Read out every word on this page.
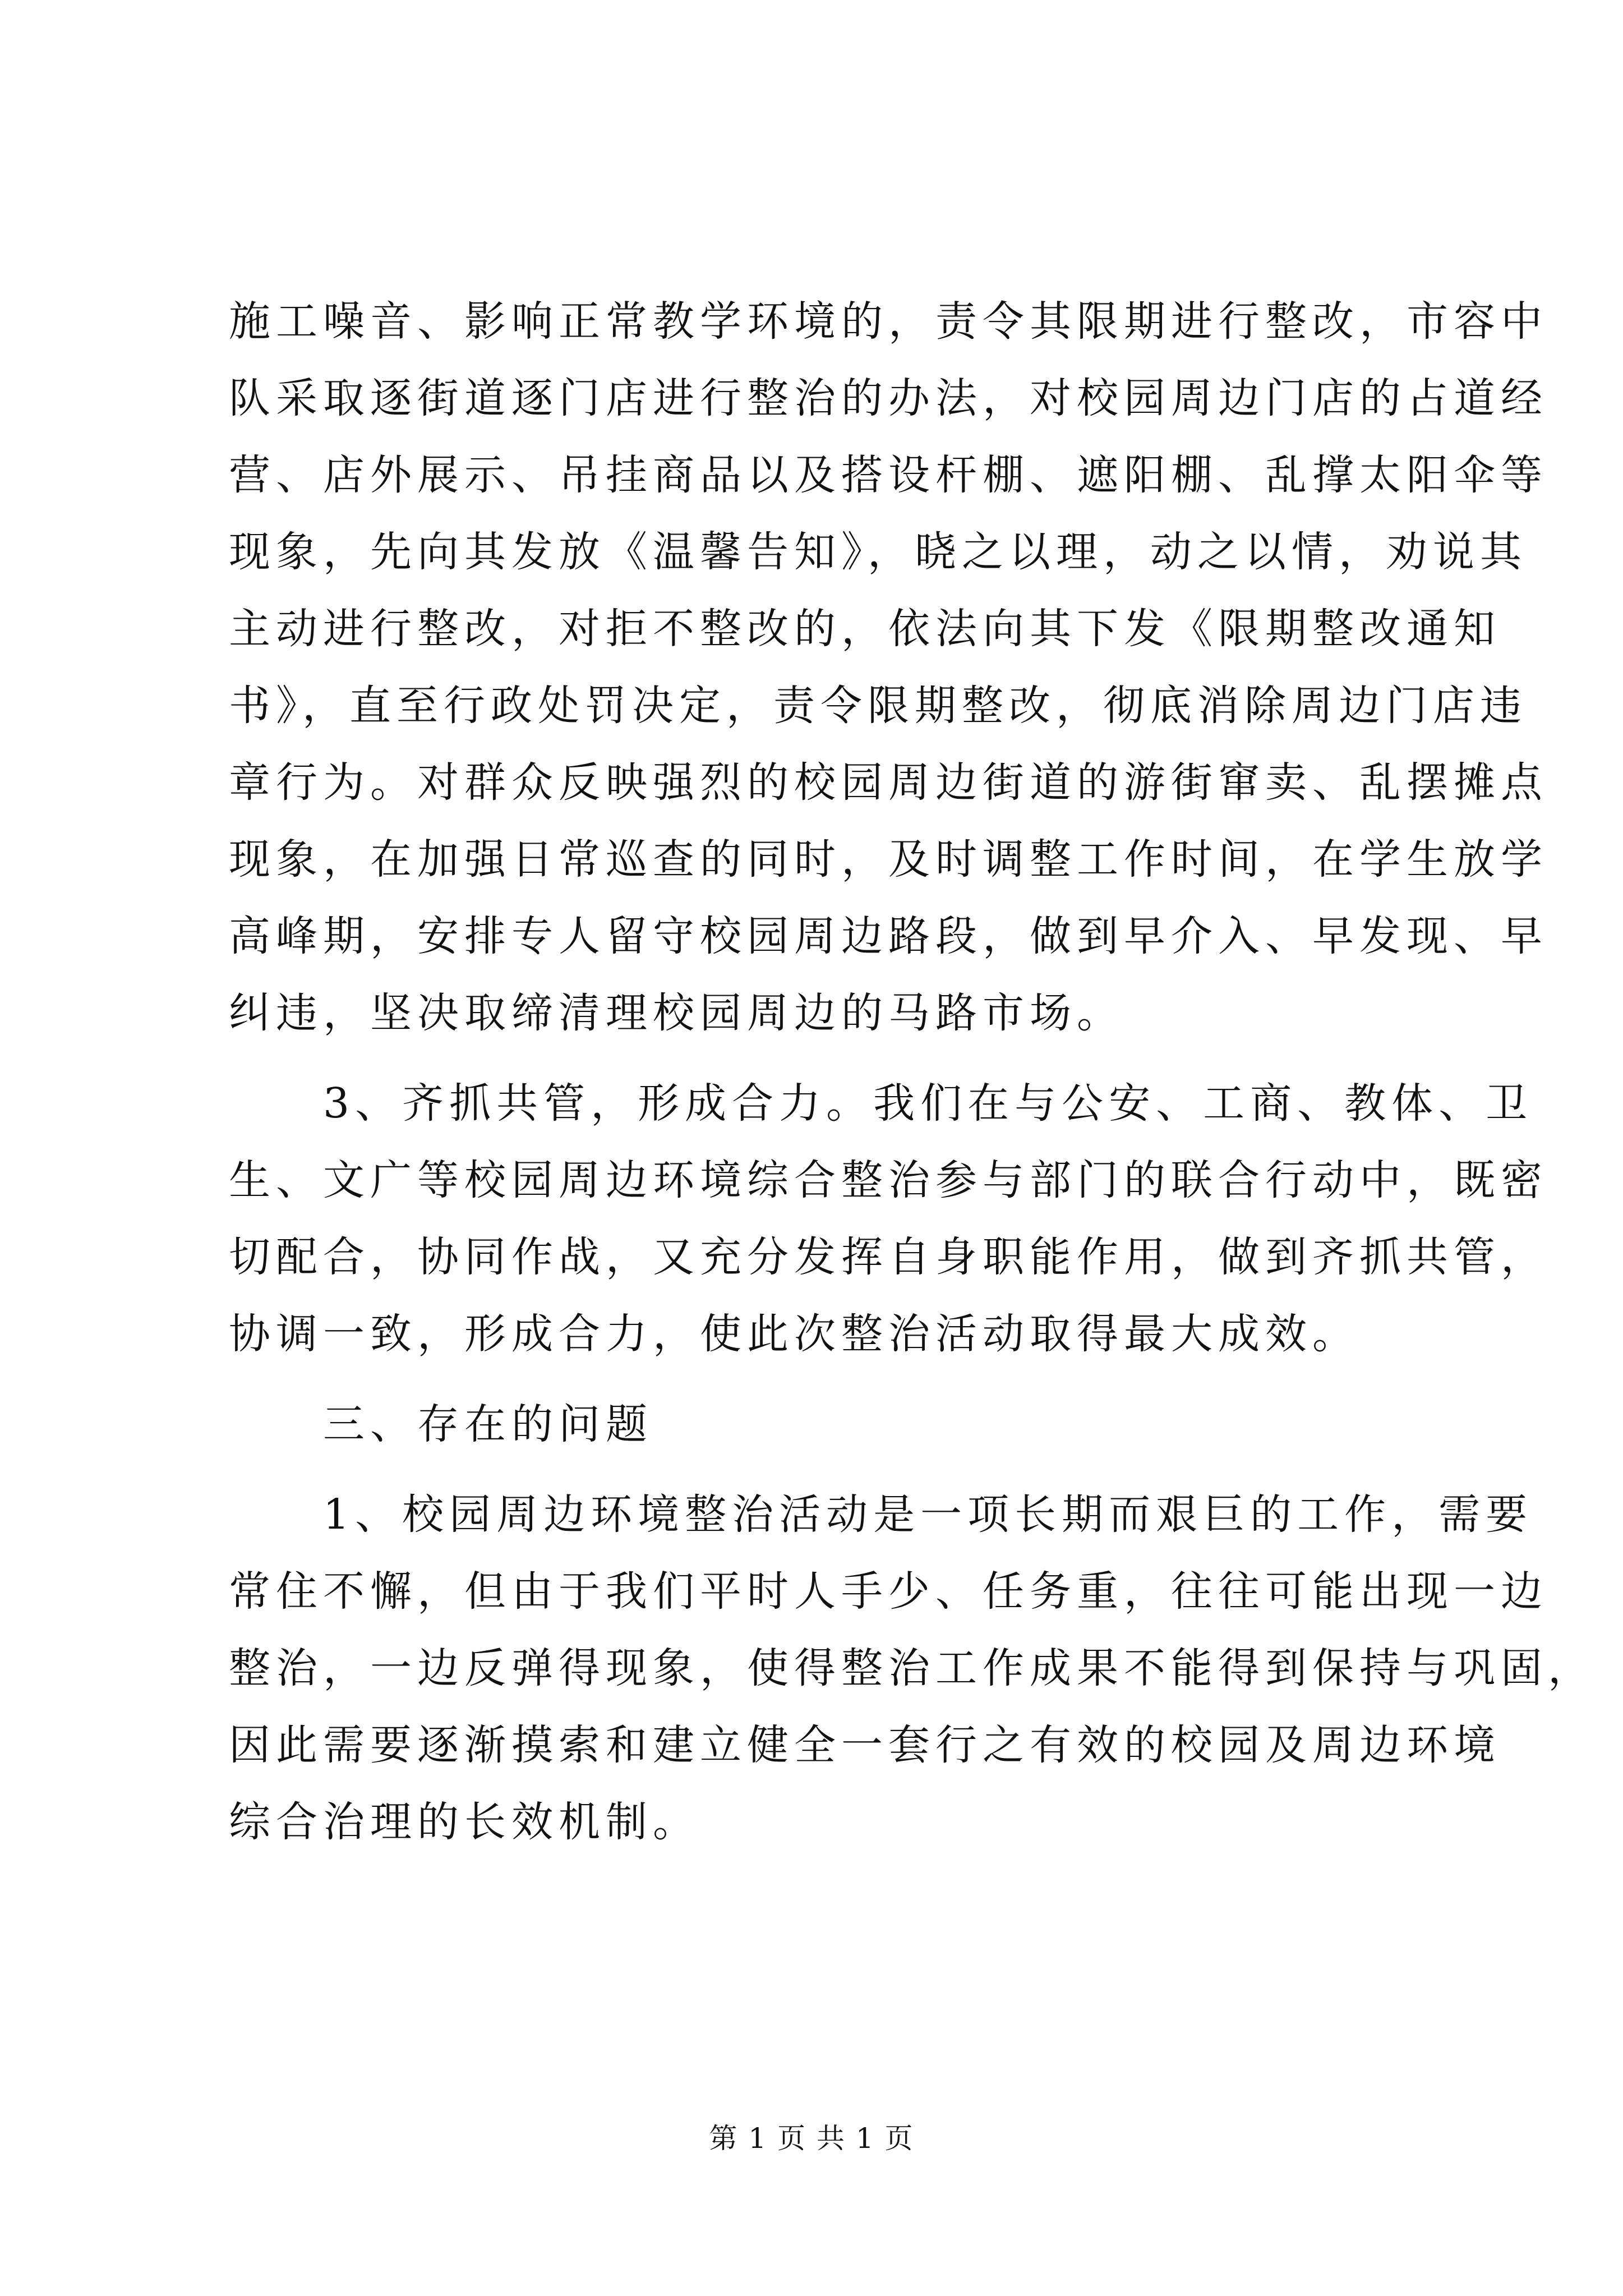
施工噪音、影响正常教学环境的，责令其限期进行整改，市容中
队采取逐街道逐门店进行整治的办法，对校园周边门店的占道经
营、店外展示、吊挂商品以及搭设杆棚、遮阳棚、乱撑太阳伞等
现象，先向其发放《温馨告知》，晓之以理，动之以情，劝说其
主动进行整改，对拒不整改的，依法向其下发《限期整改通知
书》，直至行政处罚决定，责令限期整改，彻底消除周边门店违
章行为。对群众反映强烈的校园周边街道的游街窜卖、乱摆摊点
现象，在加强日常巡查的同时，及时调整工作时间，在学生放学
高峰期，安排专人留守校园周边路段，做到早介入、早发现、早
纠违，坚决取缔清理校园周边的马路市场。
3、齐抓共管，形成合力。我们在与公安、工商、教体、卫
生、文广等校园周边环境综合整治参与部门的联合行动中，既密
切配合，协同作战，又充分发挥自身职能作用，做到齐抓共管，
协调一致，形成合力，使此次整治活动取得最大成效。
三、存在的问题
1、校园周边环境整治活动是一项长期而艰巨的工作，需要
常住不懈，但由于我们平时人手少、任务重，往往可能出现一边
整治，一边反弹得现象，使得整治工作成果不能得到保持与巩固，
因此需要逐渐摸索和建立健全一套行之有效的校园及周边环境
综合治理的长效机制。
第 1 页 共 1 页
